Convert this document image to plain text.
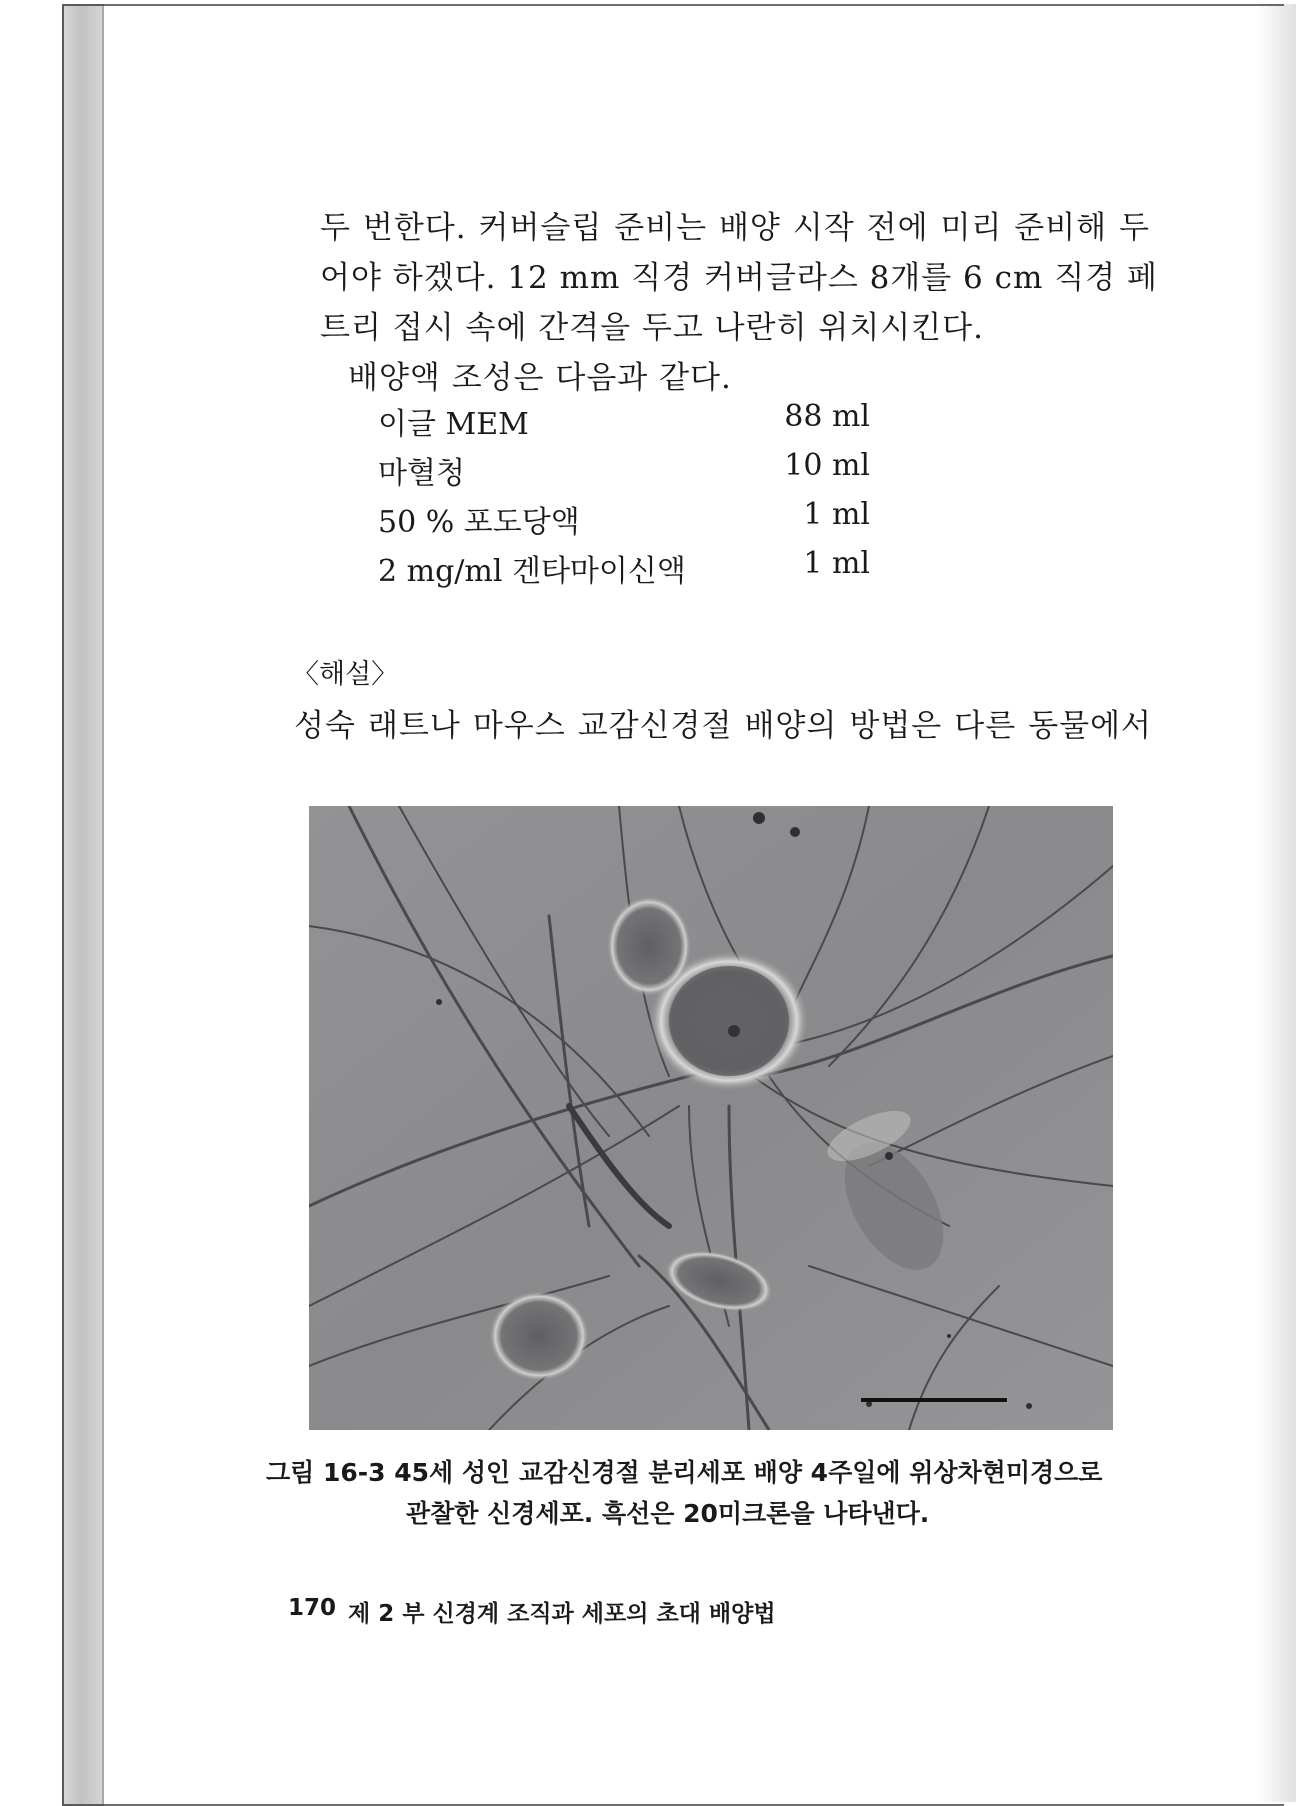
두 번한다. 커버슬립 준비는 배양 시작 전에 미리 준비해 두
어야 하겠다. 12 mm 직경 커버글라스 8개를 6 cm 직경 페
트리 접시 속에 간격을 두고 나란히 위치시킨다.
배양액 조성은 다음과 같다.
이글 MEM	88 ml
마혈청	10 ml
50 % 포도당액	1 ml
2 mg/ml 겐타마이신액	1 ml
〈해설〉
성숙 래트나 마우스 교감신경절 배양의 방법은 다른 동물에서
그림 16-3 45세 성인 교감신경절 분리세포 배양 4주일에 위상차현미경으로
관찰한 신경세포. 흑선은 20미크론을 나타낸다.
170 제 2 부 신경계 조직과 세포의 초대 배양법
